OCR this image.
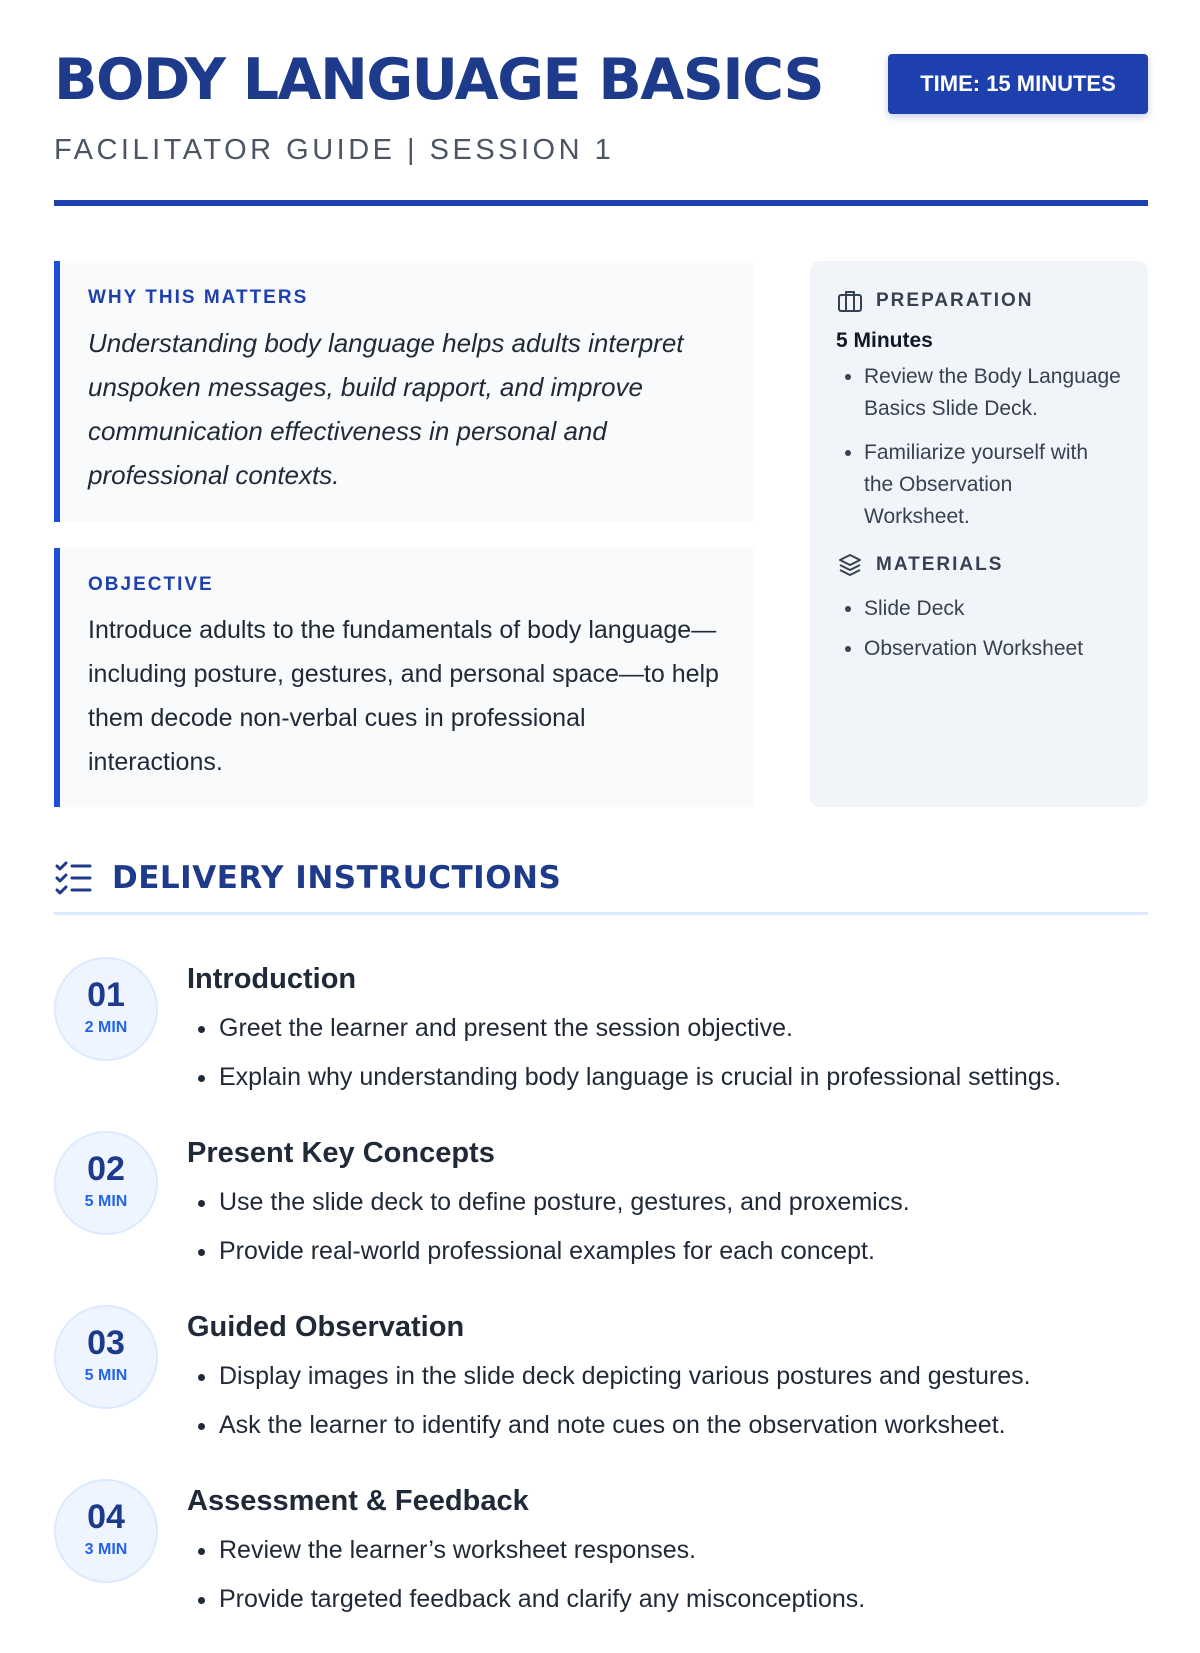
BODY LANGUAGE BASICS
FACILITATOR GUIDE | SESSION 1
TIME: 15 MINUTES
WHY THIS MATTERS

Understanding body language helps adults interpret unspoken messages, build rapport, and improve communication effectiveness in personal and professional contexts.

OBJECTIVE

Introduce adults to the fundamentals of body language—including posture, gestures, and personal space—to help them decode non-verbal cues in professional interactions.

PREPARATION
5 Minutes
• Review the Body Language Basics Slide Deck.
• Familiarize yourself with the Observation Worksheet.
MATERIALS
• Slide Deck
• Observation Worksheet
DELIVERY INSTRUCTIONS
01
2 MIN
Introduction
• Greet the learner and present the session objective.
• Explain why understanding body language is crucial in professional settings.
02
5 MIN
Present Key Concepts
• Use the slide deck to define posture, gestures, and proxemics.
• Provide real-world professional examples for each concept.
03
5 MIN
Guided Observation
• Display images in the slide deck depicting various postures and gestures.
• Ask the learner to identify and note cues on the observation worksheet.
04
3 MIN
Assessment & Feedback
• Review the learner’s worksheet responses.
• Provide targeted feedback and clarify any misconceptions.
